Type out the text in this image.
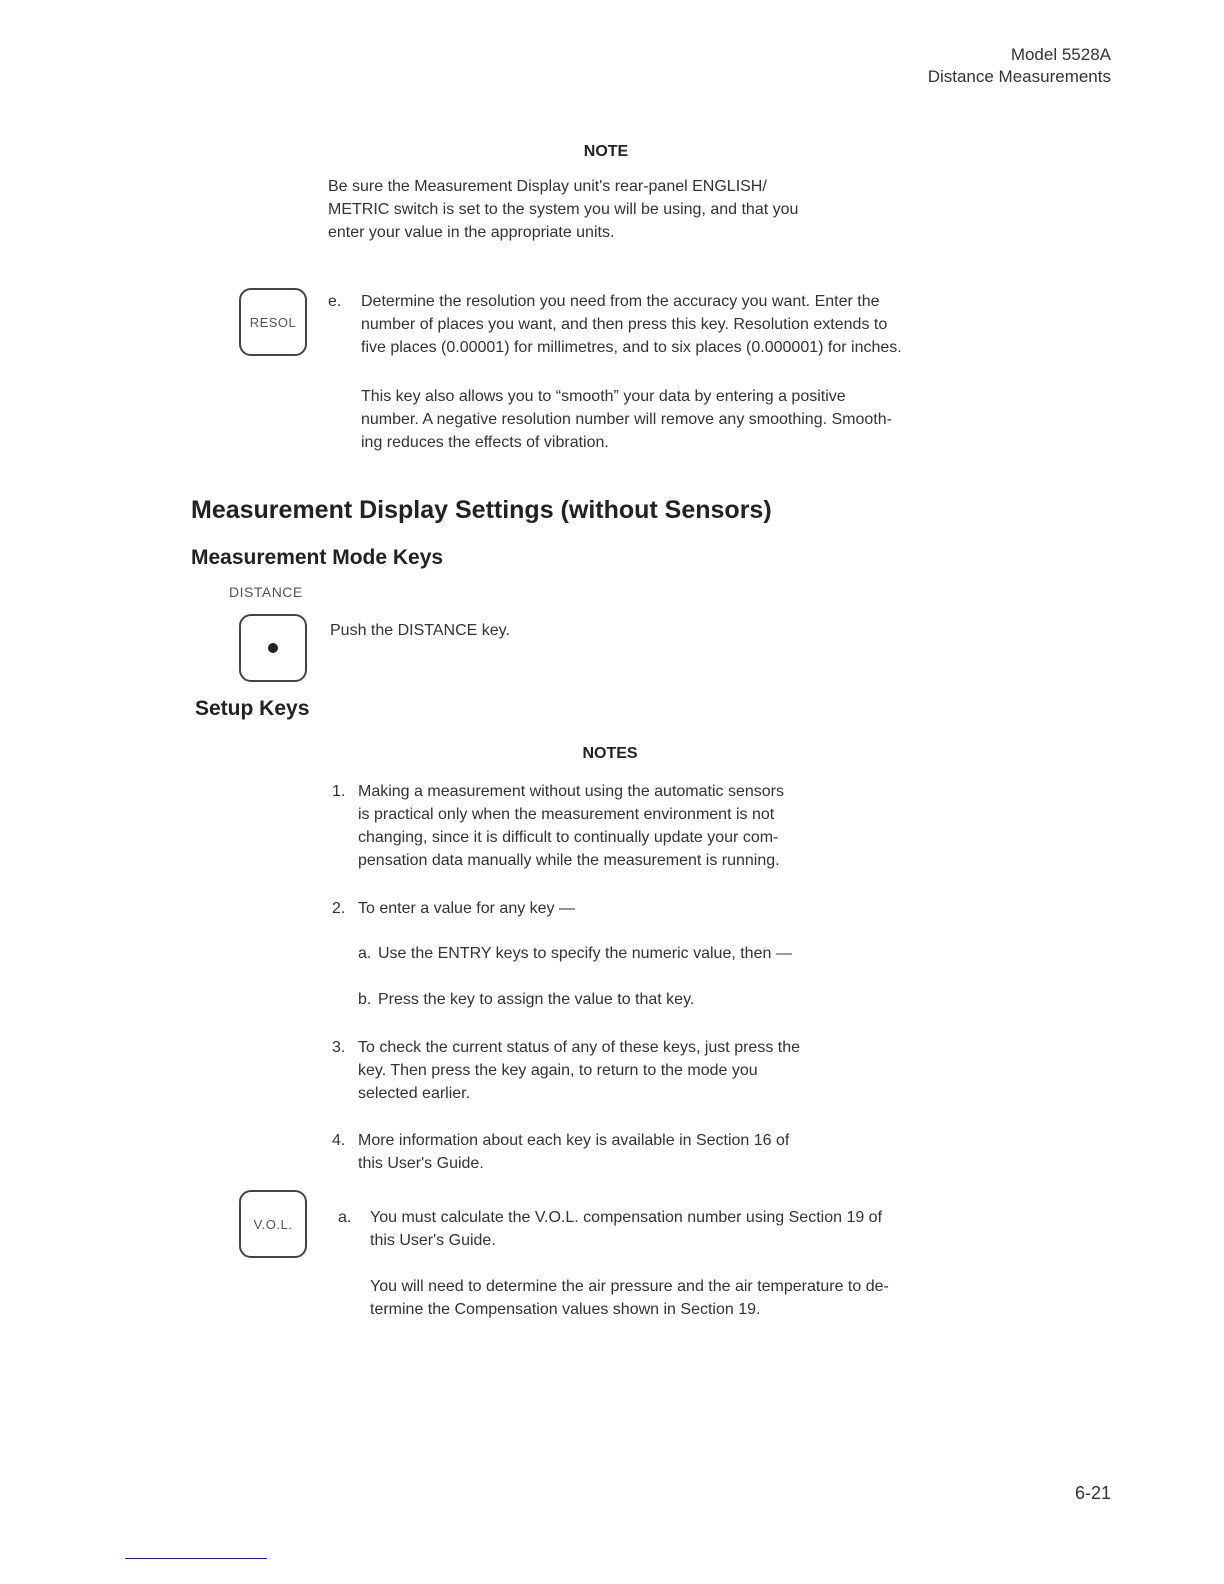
Model 5528A
Distance Measurements
NOTE
Be sure the Measurement Display unit's rear-panel ENGLISH/
METRIC switch is set to the system you will be using, and that you
enter your value in the appropriate units.
RESOL
e. Determine the resolution you need from the accuracy you want. Enter the
number of places you want, and then press this key. Resolution extends to
five places (0.00001) for millimetres, and to six places (0.000001) for inches.
This key also allows you to “smooth” your data by entering a positive
number. A negative resolution number will remove any smoothing. Smooth-
ing reduces the effects of vibration.
Measurement Display Settings (without Sensors)
Measurement Mode Keys
DISTANCE
Push the DISTANCE key.
Setup Keys
NOTES
1. Making a measurement without using the automatic sensors
is practical only when the measurement environment is not
changing, since it is difficult to continually update your com-
pensation data manually while the measurement is running.
2. To enter a value for any key —
a. Use the ENTRY keys to specify the numeric value, then —
b. Press the key to assign the value to that key.
3. To check the current status of any of these keys, just press the
key. Then press the key again, to return to the mode you
selected earlier.
4. More information about each key is available in Section 16 of
this User's Guide.
V.O.L.	a. You must calculate the V.O.L. compensation number using Section 19 of
this User's Guide.
You will need to determine the air pressure and the air temperature to de-
termine the Compensation values shown in Section 19.
6-21
